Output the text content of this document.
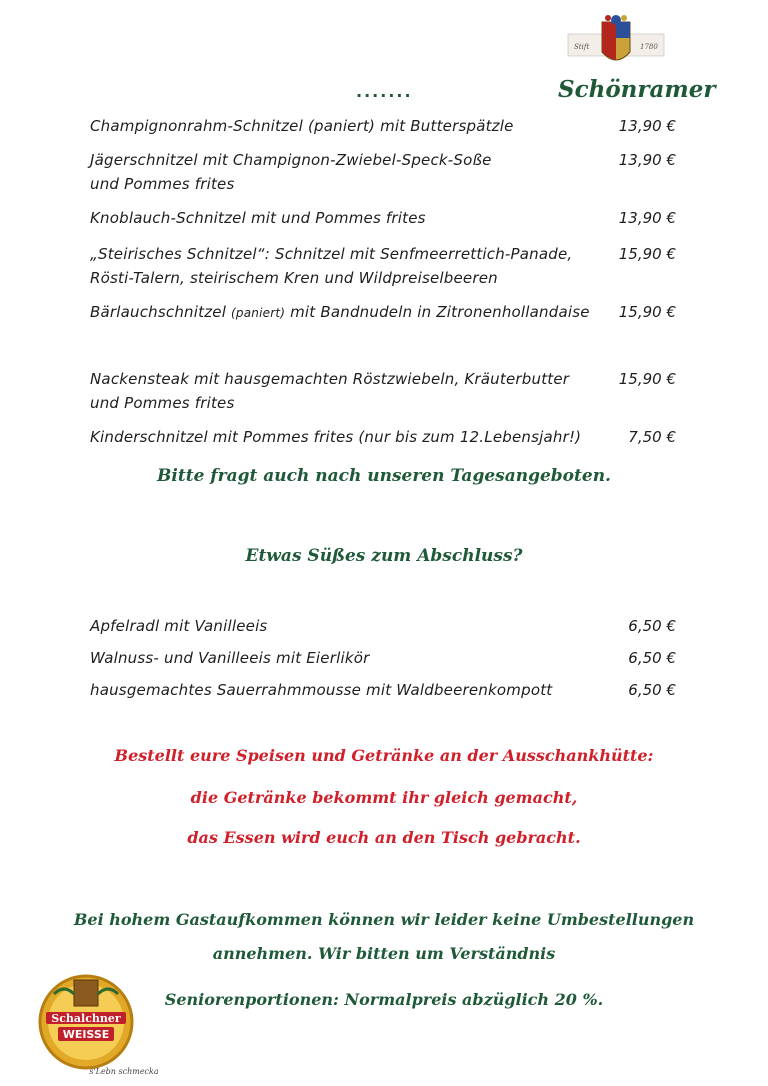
Stift	1780
.......	Schönramer
Champignonrahm-Schnitzel (paniert) mit Butterspätzle	13,90 €
Jägerschnitzel mit Champignon-Zwiebel-Speck-Soße
und Pommes frites
13,90 €
Knoblauch-Schnitzel mit und Pommes frites	13,90 €
„Steirisches Schnitzel“: Schnitzel mit Senfmeerrettich-Panade,
Rösti-Talern, steirischem Kren und Wildpreiselbeeren
15,90 €
Bärlauchschnitzel (paniert) mit Bandnudeln in Zitronenhollandaise 15,90 €
Nackensteak mit hausgemachten Röstzwiebeln, Kräuterbutter
und Pommes frites
15,90 €
Kinderschnitzel mit Pommes frites (nur bis zum 12.Lebensjahr!)	7,50 €
Bitte fragt auch nach unseren Tagesangeboten.
Etwas Süßes zum Abschluss?
Apfelradl mit Vanilleeis	6,50 €
Walnuss- und Vanilleeis mit Eierlikör	6,50 €
hausgemachtes Sauerrahmmousse mit Waldbeerenkompott	6,50 €
Bestellt eure Speisen und Getränke an der Ausschankhütte:
die Getränke bekommt ihr gleich gemacht,
das Essen wird euch an den Tisch gebracht.
Bei hohem Gastaufkommen können wir leider keine Umbestellungen
annehmen. Wir bitten um Verständnis
Seniorenportionen: Normalpreis abzüglich 20 %.
Schalchner
WEISSE
s'Lebn schmecka
